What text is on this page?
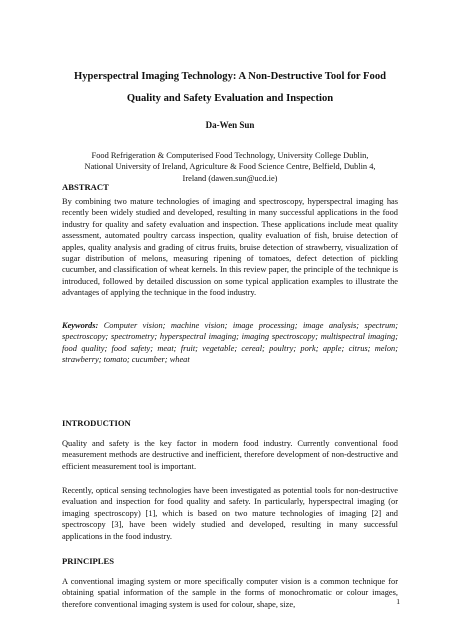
Hyperspectral Imaging Technology: A Non-Destructive Tool for Food
Quality and Safety Evaluation and Inspection
Da-Wen Sun
Food Refrigeration & Computerised Food Technology, University College Dublin,
National University of Ireland, Agriculture & Food Science Centre, Belfield, Dublin 4,
Ireland (dawen.sun@ucd.ie)
ABSTRACT
By combining two mature technologies of imaging and spectroscopy, hyperspectral imaging has recently been widely studied and developed, resulting in many successful applications in the food industry for quality and safety evaluation and inspection. These applications include meat quality assessment, automated poultry carcass inspection, quality evaluation of fish, bruise detection of apples, quality analysis and grading of citrus fruits, bruise detection of strawberry, visualization of sugar distribution of melons, measuring ripening of tomatoes, defect detection of pickling cucumber, and classification of wheat kernels. In this review paper, the principle of the technique is introduced, followed by detailed discussion on some typical application examples to illustrate the advantages of applying the technique in the food industry.
Keywords: Computer vision; machine vision; image processing; image analysis; spectrum; spectroscopy; spectrometry; hyperspectral imaging; imaging spectroscopy; multispectral imaging; food quality; food safety; meat; fruit; vegetable; cereal; poultry; pork; apple; citrus; melon; strawberry; tomato; cucumber; wheat
INTRODUCTION
Quality and safety is the key factor in modern food industry. Currently conventional food measurement methods are destructive and inefficient, therefore development of non-destructive and efficient measurement tool is important.
Recently, optical sensing technologies have been investigated as potential tools for non-destructive evaluation and inspection for food quality and safety. In particularly, hyperspectral imaging (or imaging spectroscopy) [1], which is based on two mature technologies of imaging [2] and spectroscopy [3], have been widely studied and developed, resulting in many successful applications in the food industry.
PRINCIPLES
A conventional imaging system or more specifically computer vision is a common technique for obtaining spatial information of the sample in the forms of monochromatic or colour images, therefore conventional imaging system is used for colour, shape, size,	1
